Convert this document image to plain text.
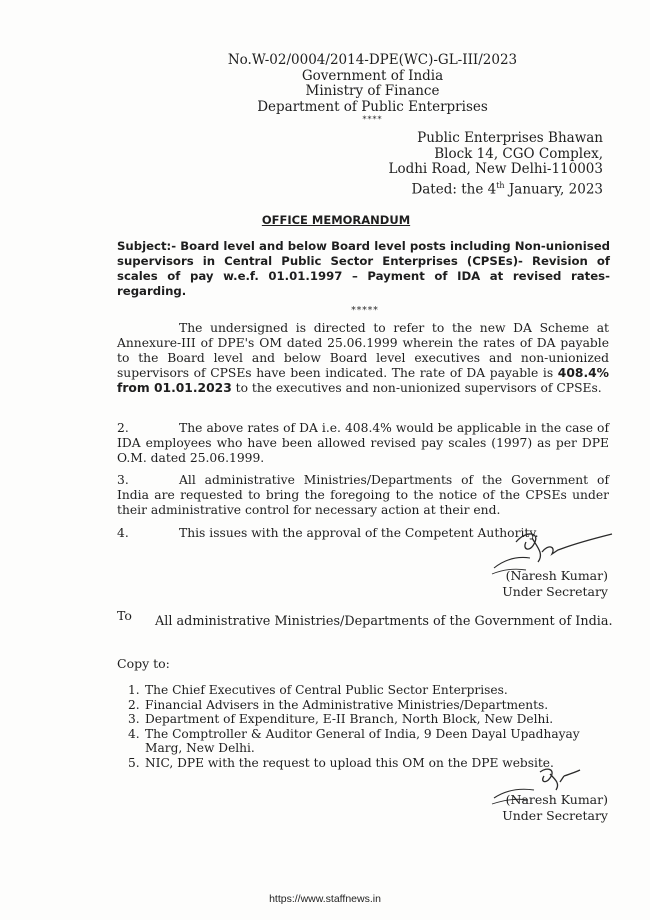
No.W-02/0004/2014-DPE(WC)-GL-III/2023
Government of India
Ministry of Finance
Department of Public Enterprises
****
Public Enterprises Bhawan
Block 14, CGO Complex,
Lodhi Road, New Delhi-110003
Dated: the 4th January, 2023
OFFICE MEMORANDUM
Subject:- Board level and below Board level posts including Non-unionised supervisors in Central Public Sector Enterprises (CPSEs)- Revision of scales of pay w.e.f. 01.01.1997 – Payment of IDA at revised rates-regarding.
*****
The undersigned is directed to refer to the new DA Scheme at Annexure-III of DPE's OM dated 25.06.1999 wherein the rates of DA payable to the Board level and below Board level executives and non-unionized supervisors of CPSEs have been indicated. The rate of DA payable is 408.4% from 01.01.2023 to the executives and non-unionized supervisors of CPSEs.
2.	The above rates of DA i.e. 408.4% would be applicable in the case of IDA employees who have been allowed revised pay scales (1997) as per DPE O.M. dated 25.06.1999.
3.	All administrative Ministries/Departments of the Government of India are requested to bring the foregoing to the notice of the CPSEs under their administrative control for necessary action at their end.
4.	This issues with the approval of the Competent Authority.
(Naresh Kumar)
Under Secretary
To All administrative Ministries/Departments of the Government of India.
Copy to:
1. The Chief Executives of Central Public Sector Enterprises.
2. Financial Advisers in the Administrative Ministries/Departments.
3. Department of Expenditure, E-II Branch, North Block, New Delhi.
4. The Comptroller & Auditor General of India, 9 Deen Dayal Upadhayay Marg, New Delhi.
5. NIC, DPE with the request to upload this OM on the DPE website.
(Naresh Kumar)
Under Secretary
https://www.staffnews.in
